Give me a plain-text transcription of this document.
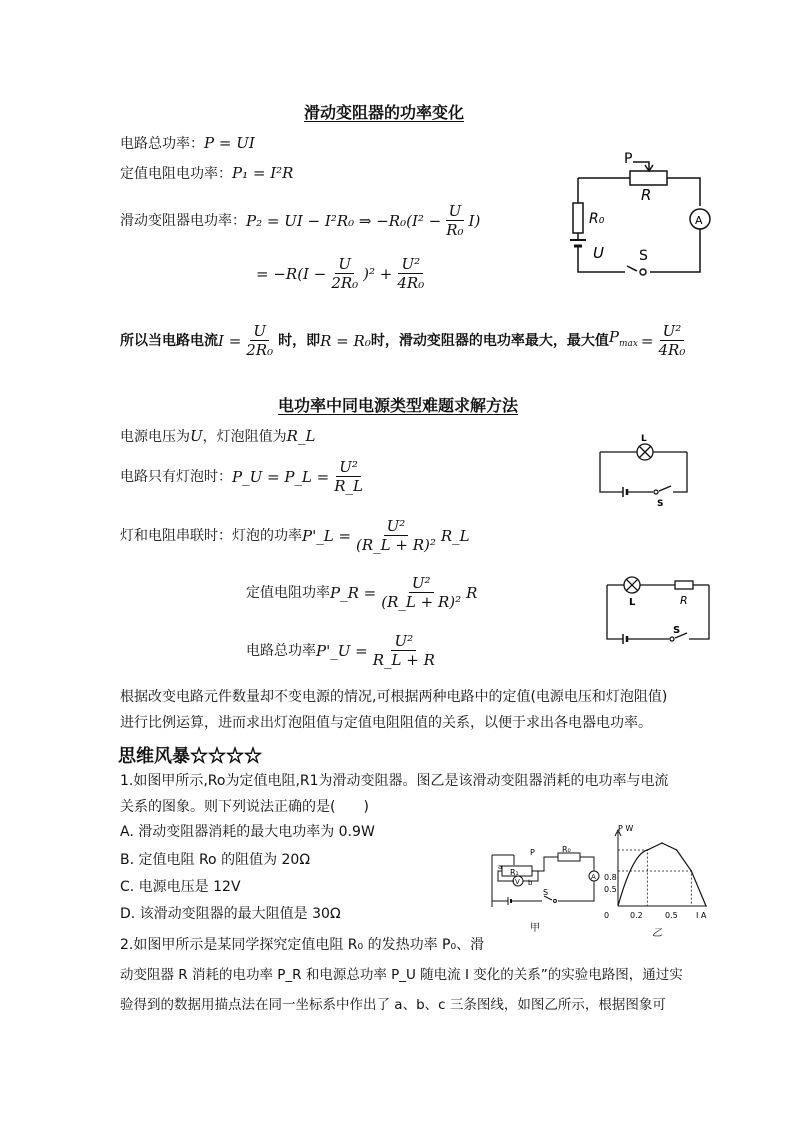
滑动变阻器的功率变化
电路总功率：P = UI
定值电阻电功率：P₁ = I²R
滑动变阻器电功率： P₂ = UI − I²R₀ ⇒ $-R_0(I^2 - \frac{U}{\text{R₀}} I)$
= $-R(I - \frac{U}{\text{2R₀}} )^2 + \frac{\text{U²}}{\text{4R₀}}$
所以当电路电流 $I = \frac{U}{\text{2R₀}}$ 时，即 R = R₀ 时，滑动变阻器的电功率最大，最大值 $P_{max} = \frac{\text{U²}}{\text{4R₀}}$
P
R
R₀
U	S
A
电功率中同电源类型难题求解方法
电源电压为U，灯泡阻值为R_L
电路只有灯泡时： P_U = P_L = $\frac{\text{U²}}{R\_L}$
灯和电阻串联时：灯泡的功率 P'_L = $\frac{\text{U²}}{\text{(R\_L + R)²}}$ R_L
定值电阻功率 P_R = $\frac{\text{U²}}{\text{(R\_L + R)²}}$ R
电路总功率 P'_U = $\frac{\text{U²}}{R\_L + R}$
L
S
L	R
S
根据改变电路元件数量却不变电源的情况,可根据两种电路中的定值(电源电压和灯泡阻值)进行比例运算，进而求出灯泡阻值与定值电阻阻值的关系，以便于求出各电器电功率。
思维风暴☆☆☆☆
1.如图甲所示,Ro为定值电阻,R1为滑动变阻器。图乙是该滑动变阻器消耗的电功率与电流关系的图象。则下列说法正确的是(　　)
A. 滑动变阻器消耗的最大电功率为 0.9W
B. 定值电阻 Ro 的阻值为 20Ω
C. 电源电压是 12V
D. 该滑动变阻器的最大阻值是 30Ω
P	R₀
R₁
a
b
V
A
S
甲
P W
I A
0	0.2	0.5
0.5
0.8
乙
2.如图甲所示是某同学探究定值电阻 R₀ 的发热功率 P₀、滑
动变阻器 R 消耗的电功率 P_R 和电源总功率 P_U 随电流 I 变化的关系”的实验电路图，通过实
验得到的数据用描点法在同一坐标系中作出了 a、b、c 三条图线，如图乙所示，根据图象可
